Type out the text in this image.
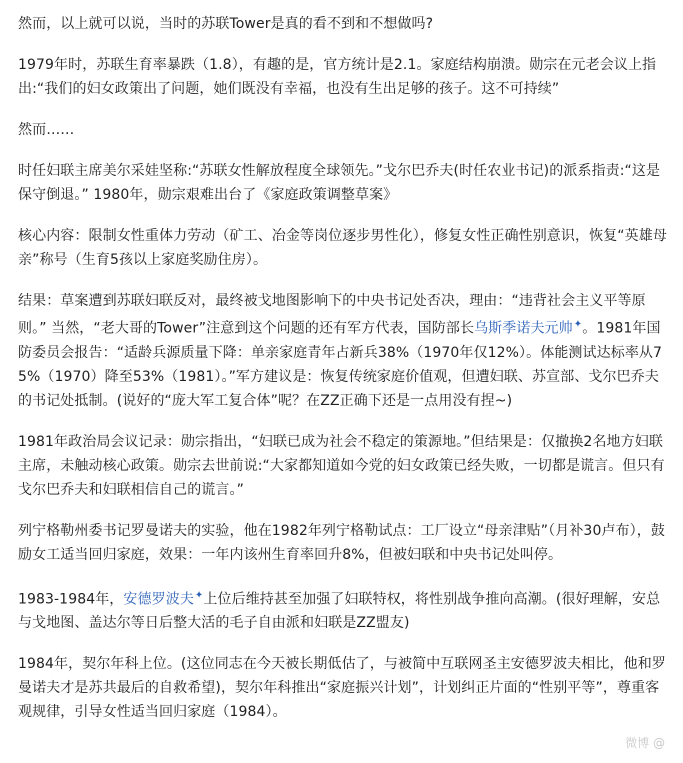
然而，以上就可以说，当时的苏联Tower是真的看不到和不想做吗?

1979年时，苏联生育率暴跌（1.8），有趣的是，官方统计是2.1。家庭结构崩溃。勋宗在元老会议上指出:“我们的妇女政策出了问题，她们既没有幸福，也没有生出足够的孩子。这不可持续”

然而……

时任妇联主席美尔采娃坚称:“苏联女性解放程度全球领先。”戈尔巴乔夫(时任农业书记)的派系指责:“这是保守倒退。” 1980年，勋宗艰难出台了《家庭政策调整草案》

核心内容：限制女性重体力劳动（矿工、冶金等岗位逐步男性化），修复女性正确性别意识，恢复“英雄母亲”称号（生育5孩以上家庭奖励住房）。

结果：草案遭到苏联妇联反对，最终被戈地图影响下的中央书记处否决，理由：“违背社会主义平等原则。” 当然，“老大哥的Tower”注意到这个问题的还有军方代表，国防部长乌斯季诺夫元帅✦。1981年国防委员会报告：“适龄兵源质量下降：单亲家庭青年占新兵38%（1970年仅12%）。体能测试达标率从75%（1970）降至53%（1981）。”军方建议是：恢复传统家庭价值观，但遭妇联、苏宣部、戈尔巴乔夫的书记处抵制。(说好的“庞大军工复合体”呢？在ZZ正确下还是一点用没有捏~)

1981年政治局会议记录：勋宗指出，“妇联已成为社会不稳定的策源地。”但结果是：仅撤换2名地方妇联主席，未触动核心政策。勋宗去世前说:“大家都知道如今党的妇女政策已经失败，一切都是谎言。但只有戈尔巴乔夫和妇联相信自己的谎言。”

列宁格勒州委书记罗曼诺夫的实验，他在1982年列宁格勒试点：工厂设立“母亲津贴”（月补30卢布），鼓励女工适当回归家庭，效果：一年内该州生育率回升8%，但被妇联和中央书记处叫停。

1983-1984年，安德罗波夫✦上位后维持甚至加强了妇联特权，将性别战争推向高潮。(很好理解，安总与戈地图、盖达尔等日后整大活的毛子自由派和妇联是ZZ盟友)

1984年，契尔年科上位。(这位同志在今天被长期低估了，与被简中互联网圣主安德罗波夫相比，他和罗曼诺夫才是苏共最后的自救希望)，契尔年科推出“家庭振兴计划”，计划纠正片面的“性别平等”，尊重客观规律，引导女性适当回归家庭（1984）。

微博 @
